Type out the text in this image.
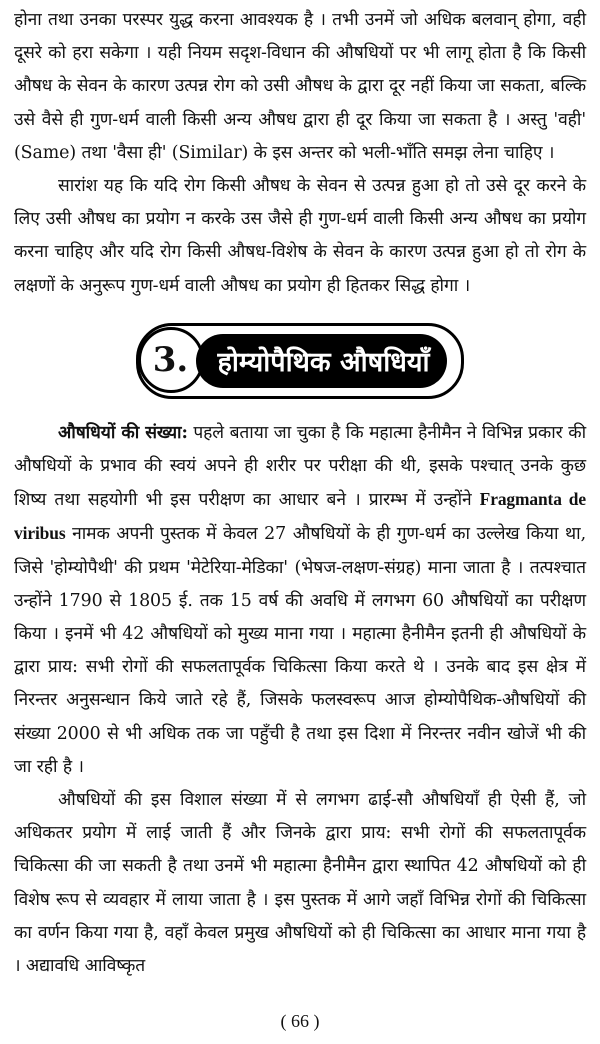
होना तथा उनका परस्पर युद्ध करना आवश्यक है । तभी उनमें जो अधिक बलवान् होगा, वही दूसरे को हरा सकेगा । यही नियम सदृश-विधान की औषधियों पर भी लागू होता है कि किसी औषध के सेवन के कारण उत्पन्न रोग को उसी औषध के द्वारा दूर नहीं किया जा सकता, बल्कि उसे वैसे ही गुण-धर्म वाली किसी अन्य औषध द्वारा ही दूर किया जा सकता है । अस्तु 'वही' (Same) तथा 'वैसा ही' (Similar) के इस अन्तर को भली-भाँति समझ लेना चाहिए ।

सारांश यह कि यदि रोग किसी औषध के सेवन से उत्पन्न हुआ हो तो उसे दूर करने के लिए उसी औषध का प्रयोग न करके उस जैसे ही गुण-धर्म वाली किसी अन्य औषध का प्रयोग करना चाहिए और यदि रोग किसी औषध-विशेष के सेवन के कारण उत्पन्न हुआ हो तो रोग के लक्षणों के अनुरूप गुण-धर्म वाली औषध का प्रयोग ही हितकर सिद्ध होगा ।

3.	होम्योपैथिक औषधियाँ

औषधियों की संख्या: पहले बताया जा चुका है कि महात्मा हैनीमैन ने विभिन्न प्रकार की औषधियों के प्रभाव की स्वयं अपने ही शरीर पर परीक्षा की थी, इसके पश्चात् उनके कुछ शिष्य तथा सहयोगी भी इस परीक्षण का आधार बने । प्रारम्भ में उन्होंने Fragmanta de viribus नामक अपनी पुस्तक में केवल 27 औषधियों के ही गुण-धर्म का उल्लेख किया था, जिसे 'होम्योपैथी' की प्रथम 'मेटेरिया-मेडिका' (भेषज-लक्षण-संग्रह) माना जाता है । तत्पश्चात उन्होंने 1790 से 1805 ई. तक 15 वर्ष की अवधि में लगभग 60 औषधियों का परीक्षण किया । इनमें भी 42 औषधियों को मुख्य माना गया । महात्मा हैनीमैन इतनी ही औषधियों के द्वारा प्राय: सभी रोगों की सफलतापूर्वक चिकित्सा किया करते थे । उनके बाद इस क्षेत्र में निरन्तर अनुसन्धान किये जाते रहे हैं, जिसके फलस्वरूप आज होम्योपैथिक-औषधियों की संख्या 2000 से भी अधिक तक जा पहुँची है तथा इस दिशा में निरन्तर नवीन खोजें भी की जा रही है ।

औषधियों की इस विशाल संख्या में से लगभग ढाई-सौ औषधियाँ ही ऐसी हैं, जो अधिकतर प्रयोग में लाई जाती हैं और जिनके द्वारा प्राय: सभी रोगों की सफलतापूर्वक चिकित्सा की जा सकती है तथा उनमें भी महात्मा हैनीमैन द्वारा स्थापित 42 औषधियों को ही विशेष रूप से व्यवहार में लाया जाता है । इस पुस्तक में आगे जहाँ विभिन्न रोगों की चिकित्सा का वर्णन किया गया है, वहाँ केवल प्रमुख औषधियों को ही चिकित्सा का आधार माना गया है । अद्यावधि आविष्कृत

( 66 )
